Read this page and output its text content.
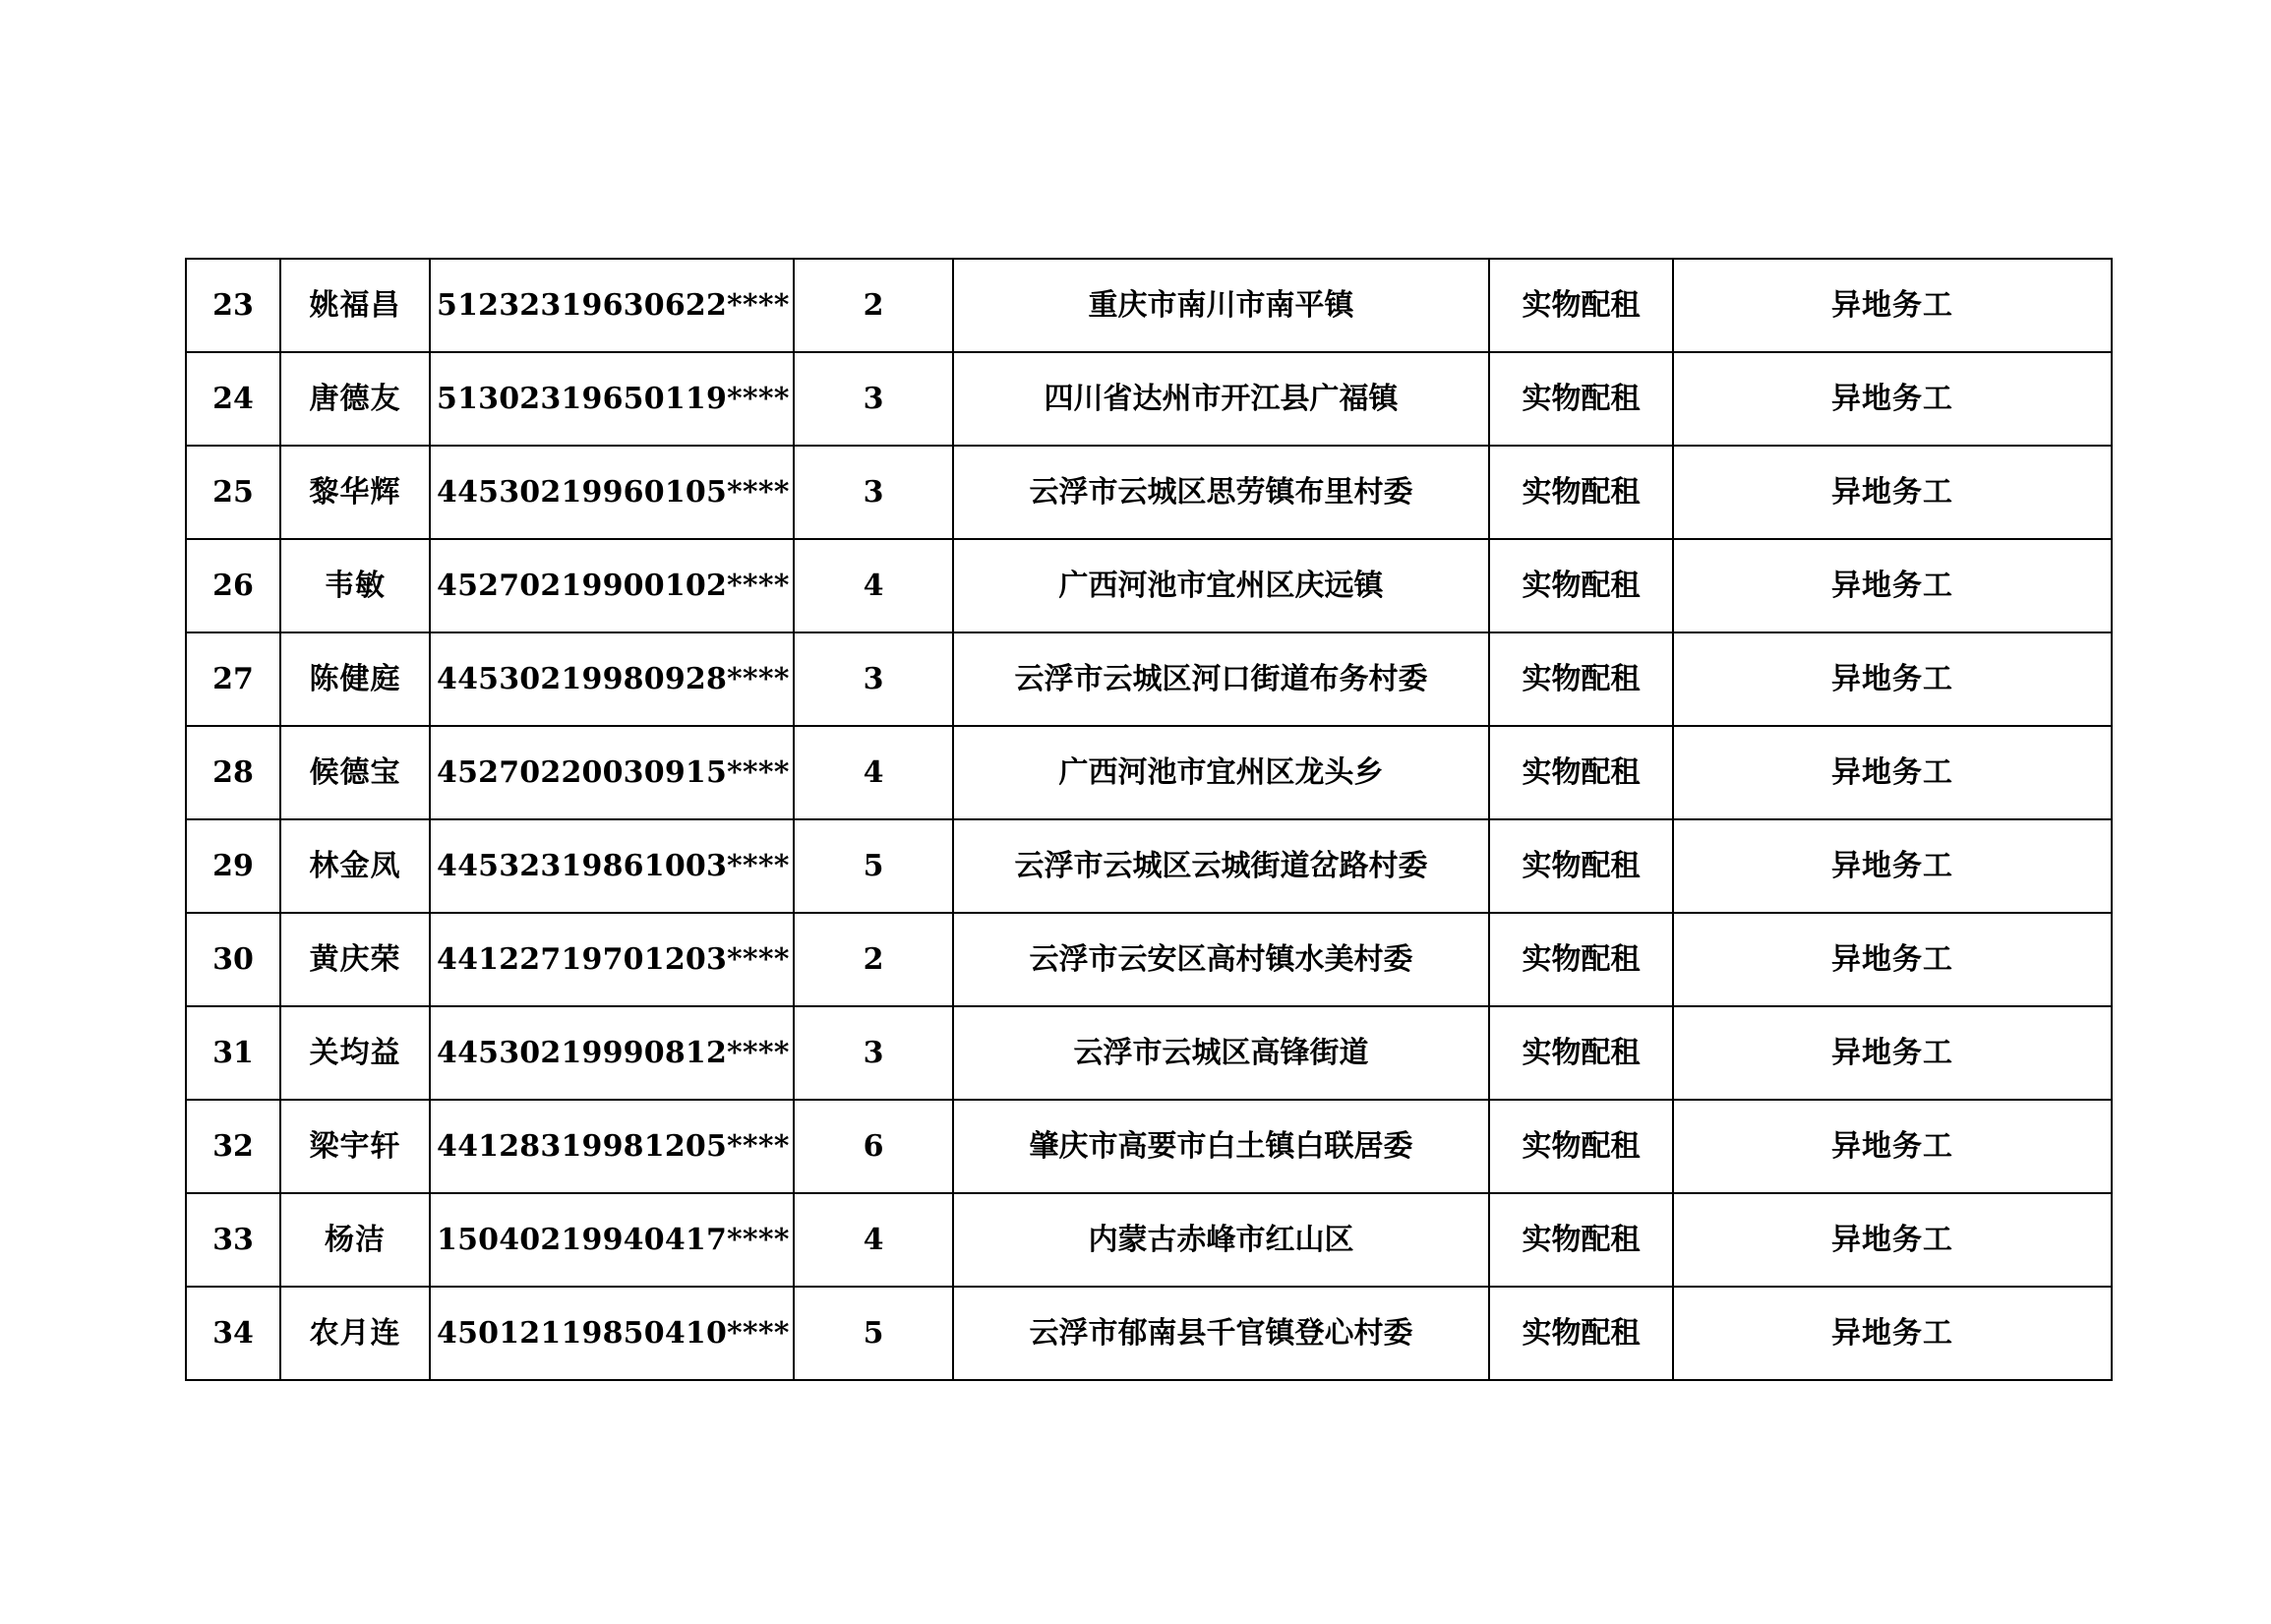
23	姚福昌	51232319630622****	2	重庆市南川市南平镇	实物配租	异地务工
24	唐德友	51302319650119****	3	四川省达州市开江县广福镇	实物配租	异地务工
25	黎华辉	44530219960105****	3	云浮市云城区思劳镇布里村委	实物配租	异地务工
26	韦敏	45270219900102****	4	广西河池市宜州区庆远镇	实物配租	异地务工
27	陈健庭	44530219980928****	3	云浮市云城区河口街道布务村委	实物配租	异地务工
28	候德宝	45270220030915****	4	广西河池市宜州区龙头乡	实物配租	异地务工
29	林金凤	44532319861003****	5	云浮市云城区云城街道岔路村委	实物配租	异地务工
30	黄庆荣	44122719701203****	2	云浮市云安区高村镇水美村委	实物配租	异地务工
31	关均益	44530219990812****	3	云浮市云城区高锋街道	实物配租	异地务工
32	梁宇轩	44128319981205****	6	肇庆市高要市白土镇白联居委	实物配租	异地务工
33	杨洁	15040219940417****	4	内蒙古赤峰市红山区	实物配租	异地务工
34	农月连	45012119850410****	5	云浮市郁南县千官镇登心村委	实物配租	异地务工
